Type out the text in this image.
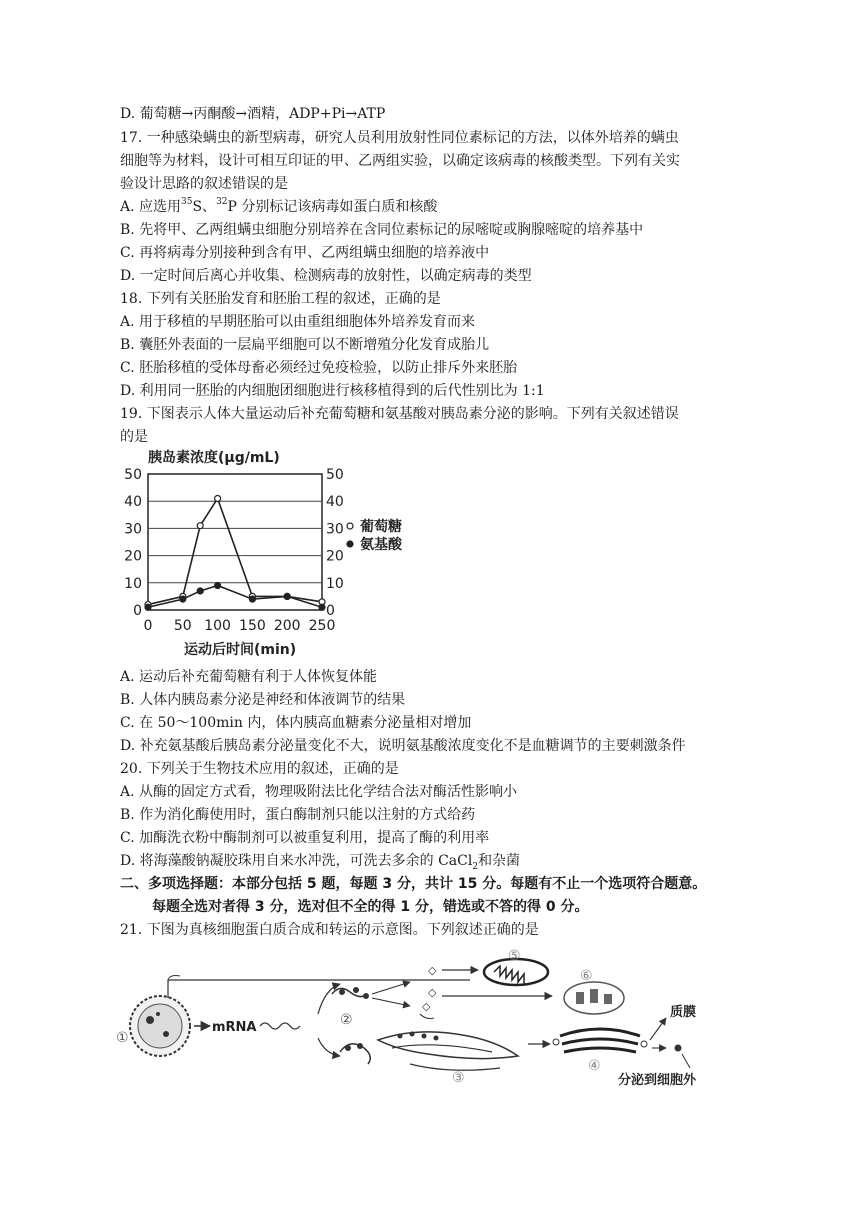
D. 葡萄糖→丙酮酸→酒精，ADP+Pi→ATP
17. 一种感染螨虫的新型病毒，研究人员利用放射性同位素标记的方法，以体外培养的螨虫
细胞等为材料，设计可相互印证的甲、乙两组实验，以确定该病毒的核酸类型。下列有关实
验设计思路的叙述错误的是
A. 应选用$^{35}$S、$^{32}$P 分别标记该病毒如蛋白质和核酸
B. 先将甲、乙两组螨虫细胞分别培养在含同位素标记的尿嘧啶或胸腺嘧啶的培养基中
C. 再将病毒分别接种到含有甲、乙两组螨虫细胞的培养液中
D. 一定时间后离心并收集、检测病毒的放射性，以确定病毒的类型
18. 下列有关胚胎发育和胚胎工程的叙述，正确的是
A. 用于移植的早期胚胎可以由重组细胞体外培养发育而来
B. 囊胚外表面的一层扁平细胞可以不断增殖分化发育成胎儿
C. 胚胎移植的受体母畜必须经过免疫检验，以防止排斥外来胚胎
D. 利用同一胚胎的内细胞团细胞进行核移植得到的后代性别比为 1:1
19. 下图表示人体大量运动后补充葡萄糖和氨基酸对胰岛素分泌的影响。下列有关叙述错误
的是
胰岛素浓度(μg/mL)
0
10
20
30
40
50
0
10
20
30
40
50
0 50 100 150 200 250
葡萄糖
氨基酸
运动后时间(min)
A. 运动后补充葡萄糖有利于人体恢复体能
B. 人体内胰岛素分泌是神经和体液调节的结果
C. 在 50～100min 内，体内胰高血糖素分泌量相对增加
D. 补充氨基酸后胰岛素分泌量变化不大，说明氨基酸浓度变化不是血糖调节的主要刺激条件
20. 下列关于生物技术应用的叙述，正确的是
A. 从酶的固定方式看，物理吸附法比化学结合法对酶活性影响小
B. 作为消化酶使用时，蛋白酶制剂只能以注射的方式给药
C. 加酶洗衣粉中酶制剂可以被重复利用，提高了酶的利用率
D. 将海藻酸钠凝胶珠用自来水冲洗，可洗去多余的 CaCl$_2$和杂菌
二、多项选择题：本部分包括 5 题，每题 3 分，共计 15 分。每题有不止一个选项符合题意。
每题全选对者得 3 分，选对但不全的得 1 分，错选或不答的得 0 分。
21. 下图为真核细胞蛋白质合成和转运的示意图。下列叙述正确的是
①
mRNA	②
◇
◇
◇
⑤
⑥
③
④
质膜
分泌到细胞外
